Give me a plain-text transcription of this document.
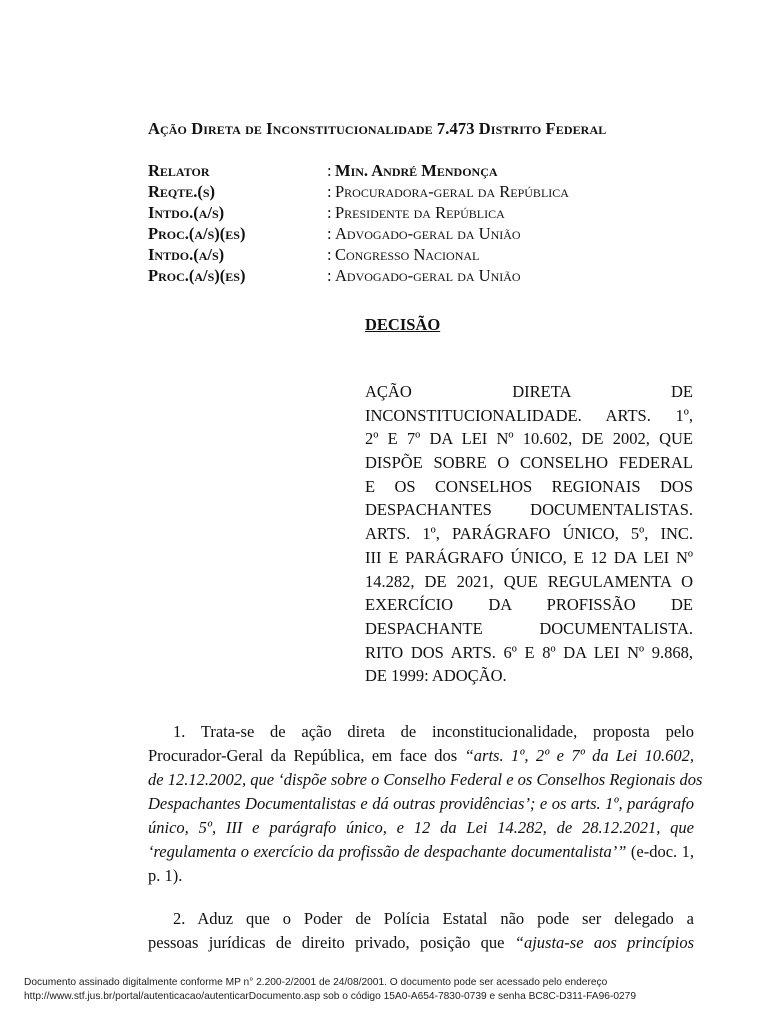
Ação Direta de Inconstitucionalidade 7.473 Distrito Federal
Relator	: Min. André Mendonça
Reqte.(s)	: Procuradora-geral da República
Intdo.(a/s)	: Presidente da República
Proc.(a/s)(es)	: Advogado-geral da União
Intdo.(a/s)	: Congresso Nacional
Proc.(a/s)(es)	: Advogado-geral da União
DECISÃO
AÇÃO DIRETA DE
INCONSTITUCIONALIDADE. ARTS. 1º,
2º E 7º DA LEI Nº 10.602, DE 2002, QUE
DISPÕE SOBRE O CONSELHO FEDERAL
E OS CONSELHOS REGIONAIS DOS
DESPACHANTES DOCUMENTALISTAS.
ARTS. 1º, PARÁGRAFO ÚNICO, 5º, INC.
III E PARÁGRAFO ÚNICO, E 12 DA LEI Nº
14.282, DE 2021, QUE REGULAMENTA O
EXERCÍCIO DA PROFISSÃO DE
DESPACHANTE DOCUMENTALISTA.
RITO DOS ARTS. 6º E 8º DA LEI Nº 9.868,
DE 1999: ADOÇÃO.
1. Trata-se de ação direta de inconstitucionalidade, proposta pelo
Procurador-Geral da República, em face dos “arts. 1º, 2º e 7º da Lei 10.602,
de 12.12.2002, que ‘dispõe sobre o Conselho Federal e os Conselhos Regionais dos
Despachantes Documentalistas e dá outras providências’; e os arts. 1º, parágrafo
único, 5º, III e parágrafo único, e 12 da Lei 14.282, de 28.12.2021, que
‘regulamenta o exercício da profissão de despachante documentalista’” (e-doc. 1,
p. 1).
2. Aduz que o Poder de Polícia Estatal não pode ser delegado a
pessoas jurídicas de direito privado, posição que “ajusta-se aos princípios
Documento assinado digitalmente conforme MP n° 2.200-2/2001 de 24/08/2001. O documento pode ser acessado pelo endereço
http://www.stf.jus.br/portal/autenticacao/autenticarDocumento.asp sob o código 15A0-A654-7830-0739 e senha BC8C-D311-FA96-0279
